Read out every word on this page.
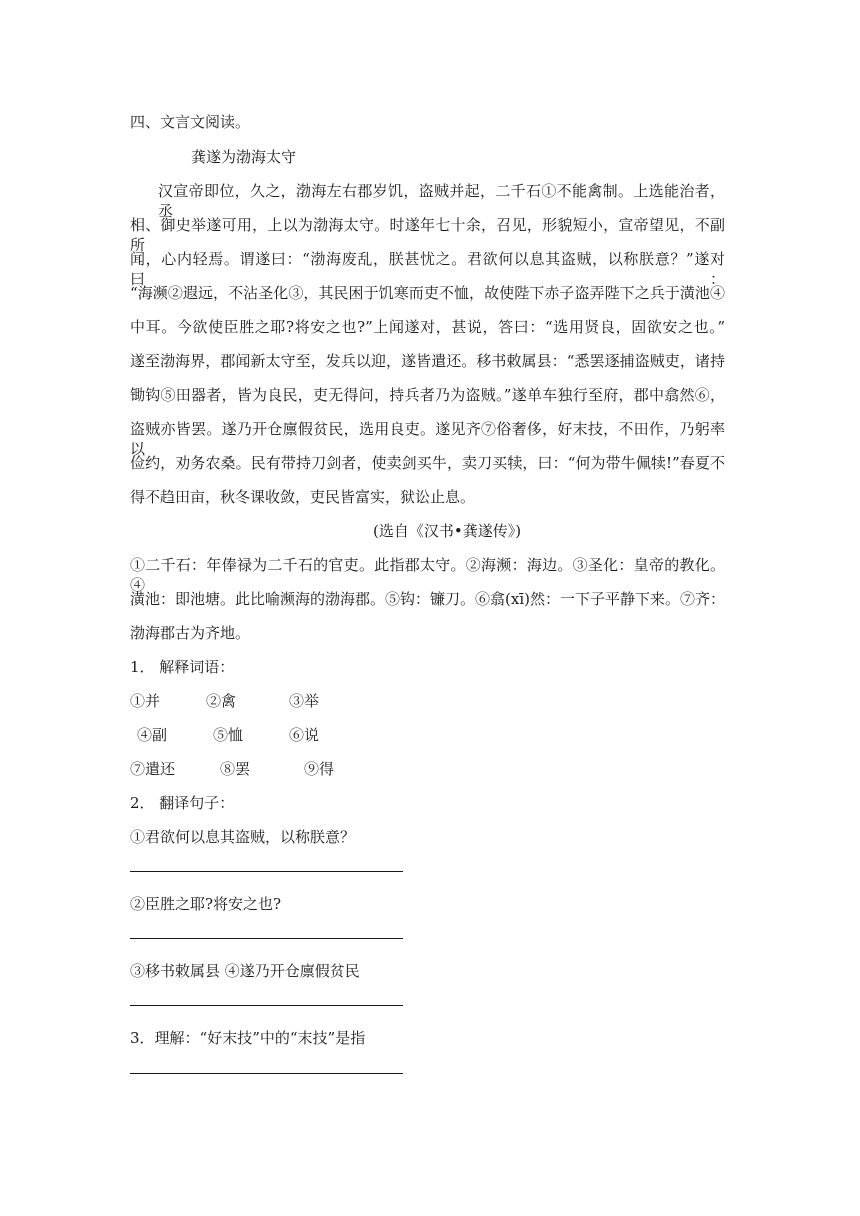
四、文言文阅读。
龚遂为渤海太守
汉宣帝即位，久之，渤海左右郡岁饥，盗贼并起，二千石①不能禽制。上选能治者，丞
相、御史举遂可用，上以为渤海太守。时遂年七十余，召见，形貌短小，宣帝望见，不副所
闻，心内轻焉。谓遂曰：“渤海废乱，朕甚忧之。君欲何以息其盗贼，以称朕意？”遂对曰：
“海濒②遐远，不沾圣化③，其民困于饥寒而吏不恤，故使陛下赤子盗弄陛下之兵于潢池④
中耳。今欲使臣胜之耶?将安之也?”上闻遂对，甚说，答曰：“选用贤良，固欲安之也。”
遂至渤海界，郡闻新太守至，发兵以迎，遂皆遣还。移书敕属县：“悉罢逐捕盗贼吏，诸持
锄钩⑤田器者，皆为良民，吏无得问，持兵者乃为盗贼。”遂单车独行至府，郡中翕然⑥，
盗贼亦皆罢。遂乃开仓廪假贫民，选用良吏。遂见齐⑦俗奢侈，好末技，不田作，乃躬率以
俭约，劝务农桑。民有带持刀剑者，使卖剑买牛，卖刀买犊，曰：“何为带牛佩犊!”春夏不
得不趋田亩，秋冬课收敛，吏民皆富实，狱讼止息。
(选自《汉书•龚遂传》)
①二千石：年俸禄为二千石的官吏。此指郡太守。②海濒：海边。③圣化：皇帝的教化。④
潢池：即池塘。此比喻濒海的渤海郡。⑤钩：镰刀。⑥翕(xī)然：一下子平静下来。⑦齐：
渤海郡古为齐地。
1． 解释词语：
①并	②禽	③举
④副	⑤恤	⑥说
⑦遣还	⑧罢	⑨得
2． 翻译句子：
①君欲何以息其盗贼，以称朕意？
②臣胜之耶?将安之也?
③移书敕属县 ④遂乃开仓廪假贫民
3．理解：“好末技”中的“末技”是指
